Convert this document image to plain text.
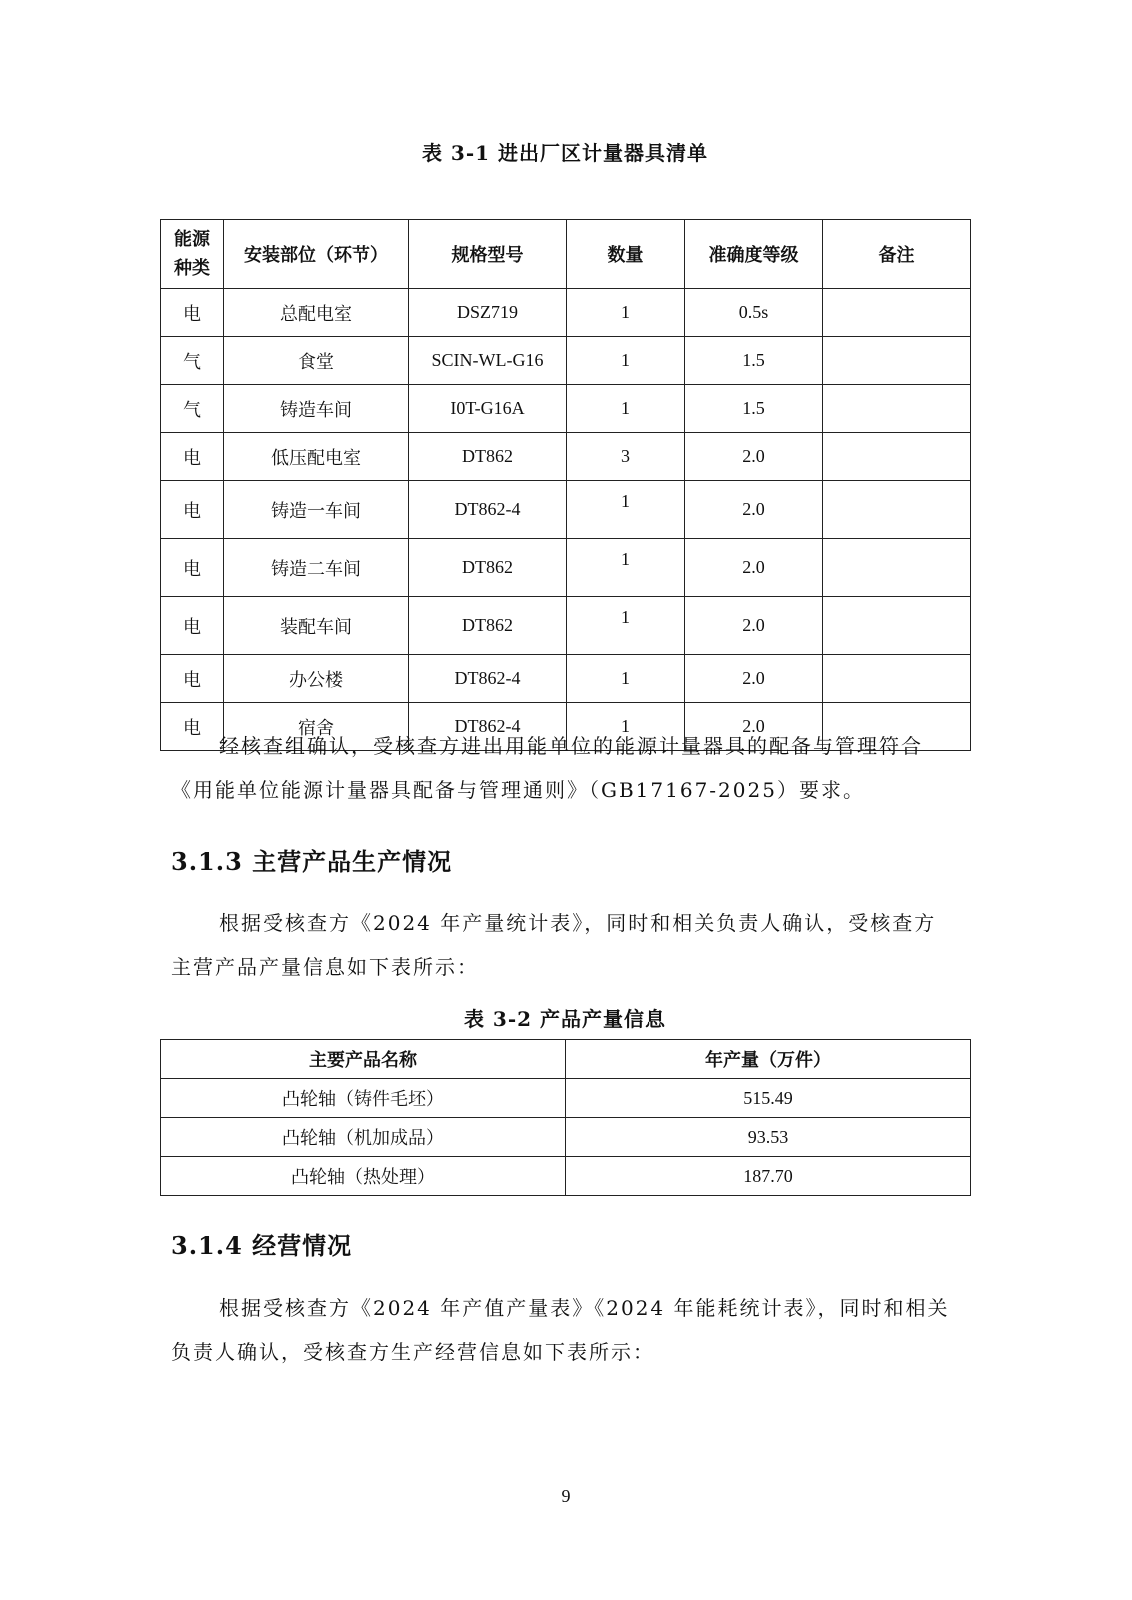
表 3-1 进出厂区计量器具清单
能源种类	安装部位（环节）	规格型号	数量	准确度等级	备注
电	总配电室	DSZ719	1	0.5s	
气	食堂	SCIN-WL-G16	1	1.5	
气	铸造车间	I0T-G16A	1	1.5	
电	低压配电室	DT862	3	2.0	
电	铸造一车间	DT862-4	1	2.0	
电	铸造二车间	DT862	1	2.0	
电	装配车间	DT862	1	2.0	
电	办公楼	DT862-4	1	2.0	
电	宿舍	DT862-4	1	2.0	
经核查组确认，受核查方进出用能单位的能源计量器具的配备与管理符合
《用能单位能源计量器具配备与管理通则》（GB17167-2025）要求。
3.1.3 主营产品生产情况
根据受核查方《2024 年产量统计表》，同时和相关负责人确认，受核查方
主营产品产量信息如下表所示：
表 3-2 产品产量信息
主要产品名称	年产量（万件）
凸轮轴（铸件毛坯）	515.49
凸轮轴（机加成品）	93.53
凸轮轴（热处理）	187.70
3.1.4 经营情况
根据受核查方《2024 年产值产量表》《2024 年能耗统计表》，同时和相关
负责人确认，受核查方生产经营信息如下表所示：
9
